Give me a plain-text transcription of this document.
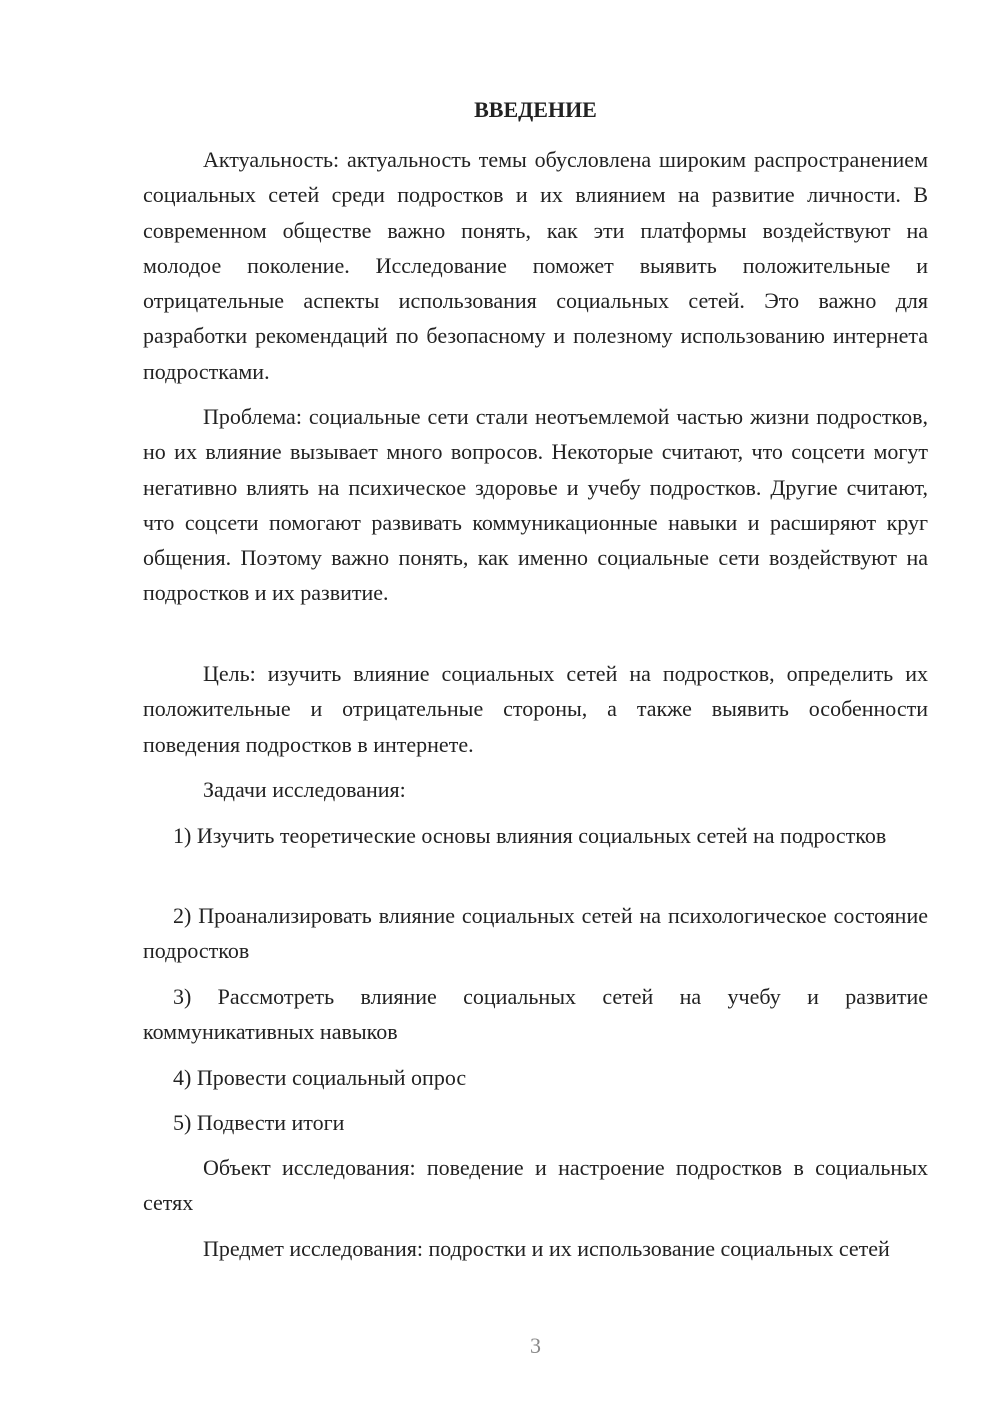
ВВЕДЕНИЕ

Актуальность: актуальность темы обусловлена широким распространением социальных сетей среди подростков и их влиянием на развитие личности. В современном обществе важно понять, как эти платформы воздействуют на молодое поколение. Исследование поможет выявить положительные и отрицательные аспекты использования социальных сетей. Это важно для разработки рекомендаций по безопасному и полезному использованию интернета подростками.

Проблема: социальные сети стали неотъемлемой частью жизни подростков, но их влияние вызывает много вопросов. Некоторые считают, что соцсети могут негативно влиять на психическое здоровье и учебу подростков. Другие считают, что соцсети помогают развивать коммуникационные навыки и расширяют круг общения. Поэтому важно понять, как именно социальные сети воздействуют на подростков и их развитие.

Цель: изучить влияние социальных сетей на подростков, определить их положительные и отрицательные стороны, а также выявить особенности поведения подростков в интернете.

Задачи исследования:

1) Изучить теоретические основы влияния социальных сетей на подростков

2) Проанализировать влияние социальных сетей на психологическое состояние подростков

3) Рассмотреть влияние социальных сетей на учебу и развитие коммуникативных навыков

4) Провести социальный опрос

5) Подвести итоги

Объект исследования: поведение и настроение подростков в социальных сетях

Предмет исследования: подростки и их использование социальных сетей

3
